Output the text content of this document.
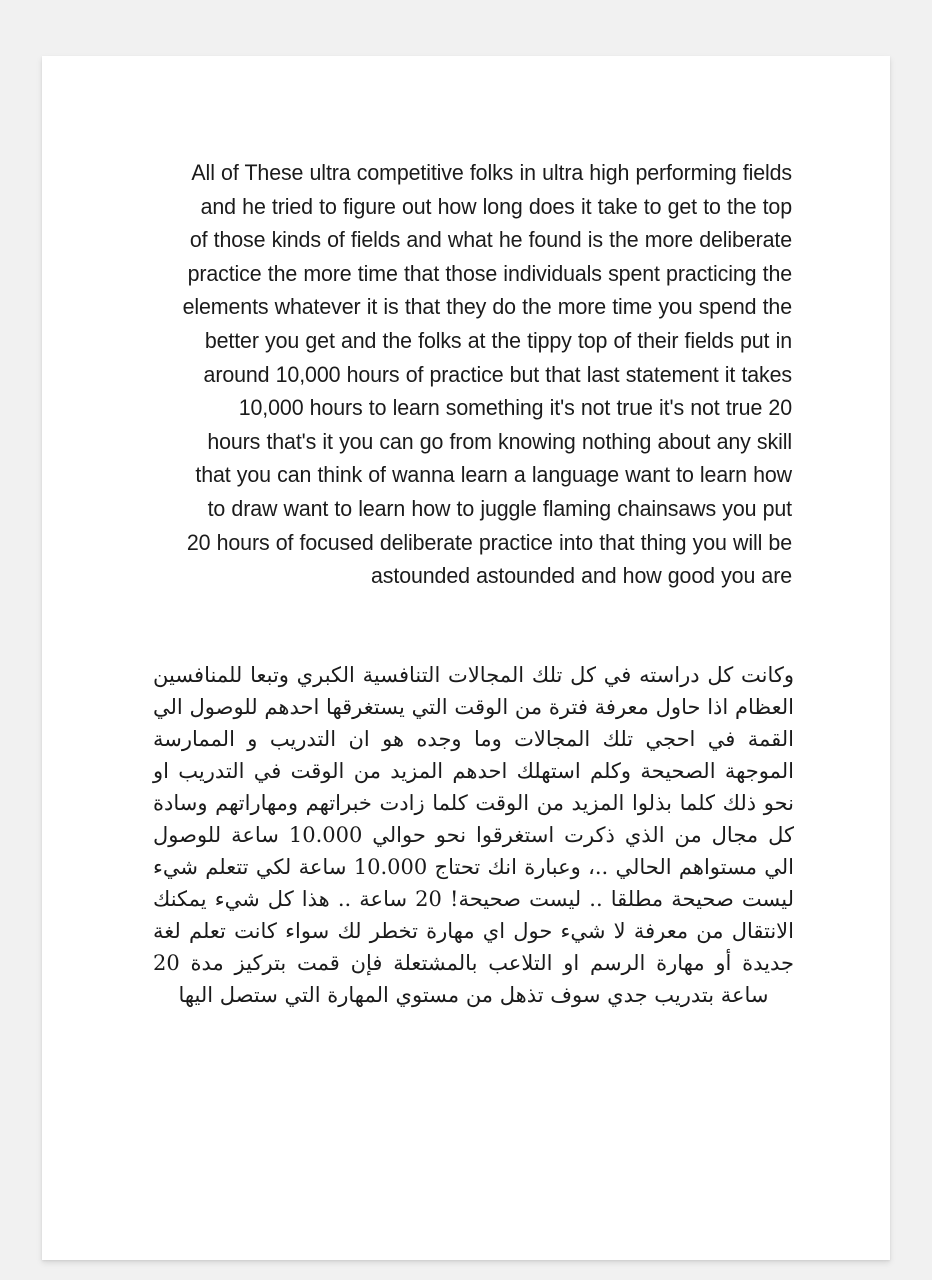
All of These ultra competitive folks in ultra high performing fields and he tried to figure out how long does it take to get to the top of those kinds of fields and what he found is the more deliberate practice the more time that those individuals spent practicing the elements whatever it is that they do the more time you spend the better you get and the folks at the tippy top of their fields put in around 10,000 hours of practice but that last statement it takes 10,000 hours to learn something it's not true it's not true 20 hours that's it you can go from knowing nothing about any skill that you can think of wanna learn a language want to learn how to draw want to learn how to juggle flaming chainsaws you put 20 hours of focused deliberate practice into that thing you will be astounded astounded and how good you are

وكانت كل دراسته في كل تلك المجالات التنافسية الكبري وتبعا للمنافسين العظام اذا حاول معرفة فترة من الوقت التي يستغرقها احدهم للوصول الي القمة في احجي تلك المجالات وما وجده هو ان التدريب و الممارسة الموجهة الصحيحة وكلم استهلك احدهم المزيد من الوقت في التدريب او نحو ذلك كلما بذلوا المزيد من الوقت كلما زادت خبراتهم ومهاراتهم وسادة كل مجال من الذي ذكرت استغرقوا نحو حوالي 10.000 ساعة للوصول الي مستواهم الحالي ..، وعبارة انك تحتاج 10.000 ساعة لكي تتعلم شيء ليست صحيحة مطلقا .. ليست صحيحة! 20 ساعة .. هذا كل شيء يمكنك الانتقال من معرفة لا شيء حول اي مهارة تخطر لك سواء كانت تعلم لغة جديدة أو مهارة الرسم او التلاعب بالمشتعلة فإن قمت بتركيز مدة 20 ساعة بتدريب جدي سوف تذهل من مستوي المهارة التي ستصل اليها
